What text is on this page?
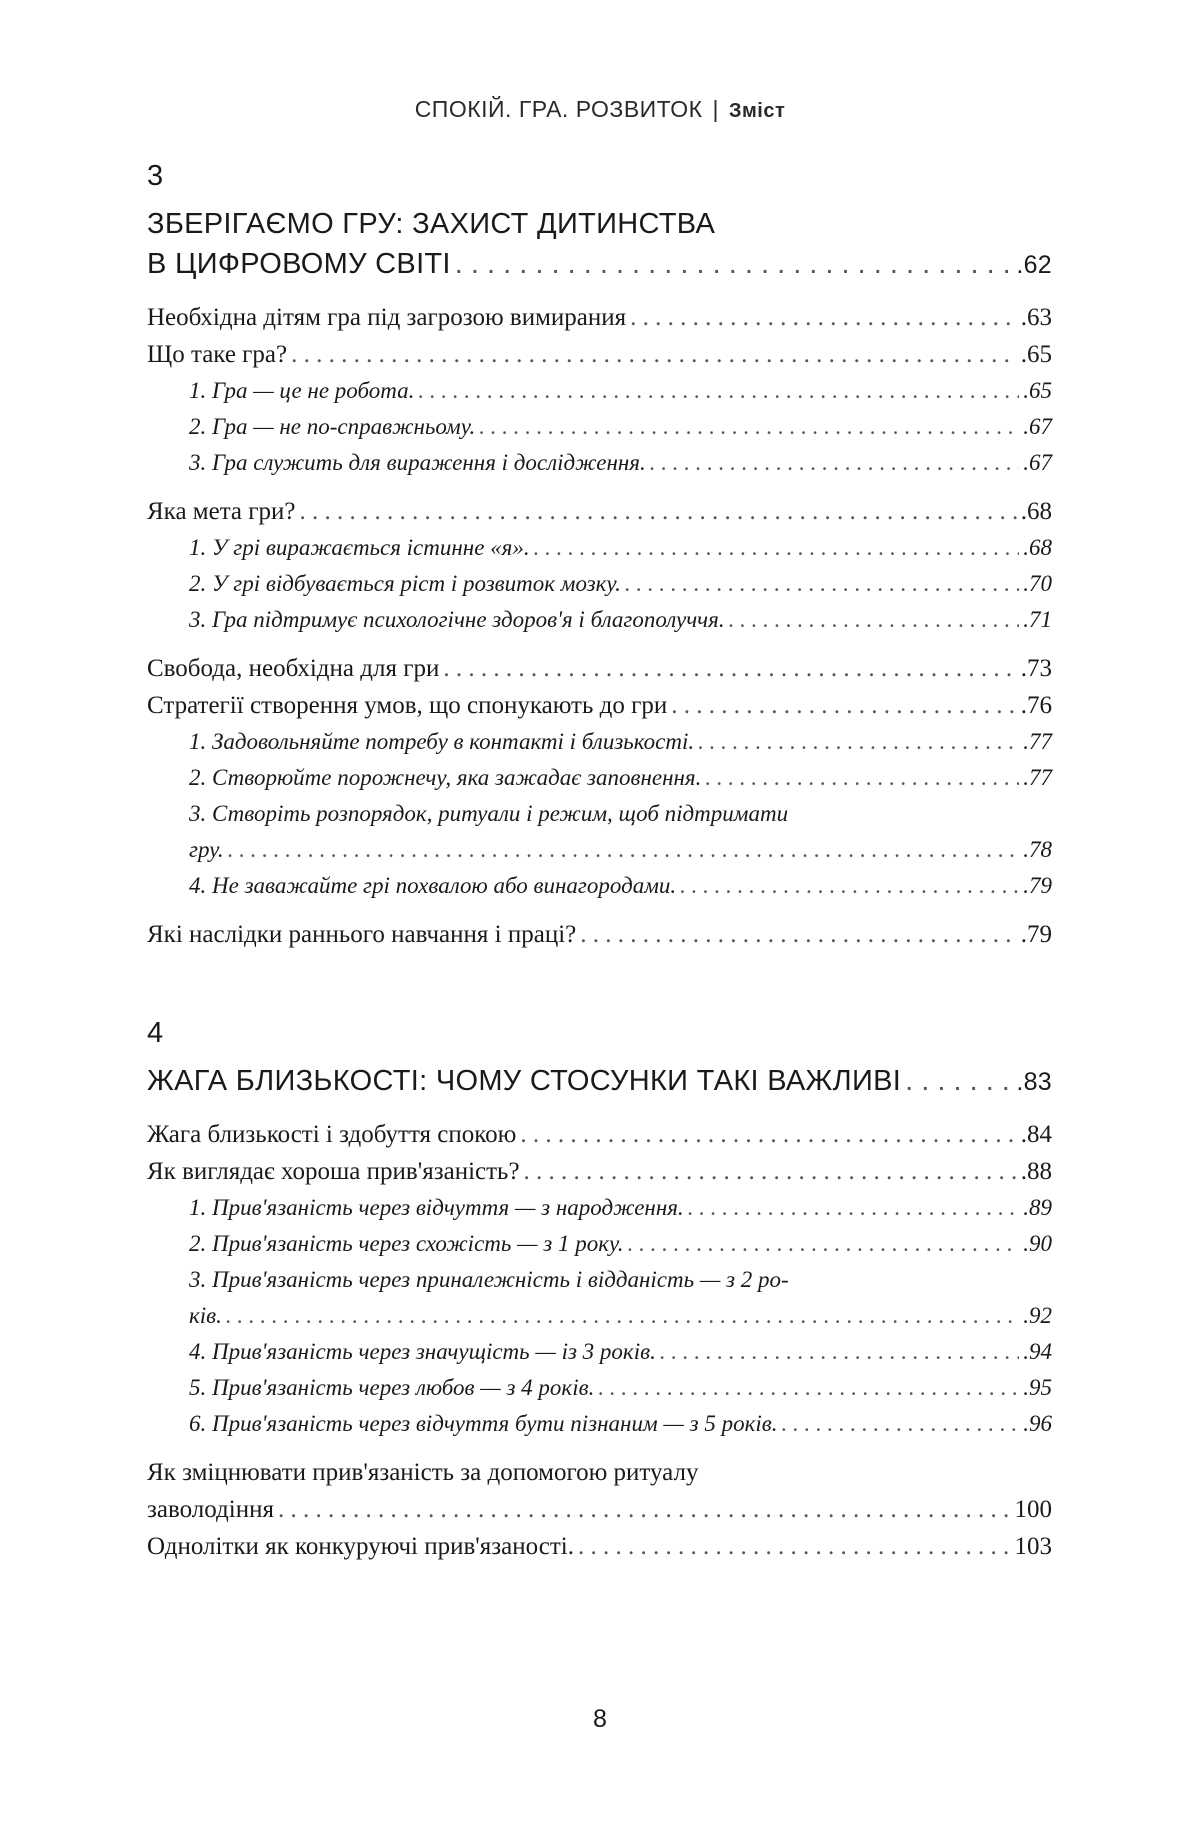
СПОКІЙ. ГРА. РОЗВИТОК | Зміст
3
ЗБЕРІГАЄМО ГРУ: ЗАХИСТ ДИТИНСТВА
В ЦИФРОВОМУ СВІТІ . . .	.62
Необхідна дітям гра під загрозою вимирания . . .	.63
Що таке гра? . . .	.65
1. Гра — це не робота. . . .	.65
2. Гра — не по-справжньому. . . .	.67
3. Гра служить для вираження і дослідження. . . .	.67
Яка мета гри? . . .	.68
1. У грі виражається істинне «я». . . .	.68
2. У грі відбувається ріст і розвиток мозку. . . .	.70
3. Гра підтримує психологічне здоров'я і благополуччя. . . .	.71
Свобода, необхідна для гри . . .	.73
Стратегії створення умов, що спонукають до гри . . .	.76
1. Задовольняйте потребу в контакті і близькості. . . .	.77
2. Створюйте порожнечу, яка зажадає заповнення. . . .	.77
3. Створіть розпорядок, ритуали і режим, щоб підтримати
гру. . . .	.78
4. Не заважайте грі похвалою або винагородами. . . .	.79
Які наслідки раннього навчання і праці? . . .	.79
4
ЖАГА БЛИЗЬКОСТІ: ЧОМУ СТОСУНКИ ТАКІ ВАЖЛИВІ . . .	.83
Жага близькості і здобуття спокою . . .	.84
Як виглядає хороша прив'язаність? . . .	.88
1. Прив'язаність через відчуття — з народження. . . .	.89
2. Прив'язаність через схожість — з 1 року. . . .	.90
3. Прив'язаність через приналежність і відданість — з 2 ро-
ків. . . .	.92
4. Прив'язаність через значущість — із 3 років. . . .	.94
5. Прив'язаність через любов — з 4 років. . . .	.95
6. Прив'язаність через відчуття бути пізнаним — з 5 років. . . .	.96
Як зміцнювати прив'язаність за допомогою ритуалу
заволодіння . . .	100
Однолітки як конкуруючі прив'язаності. . . .	103
8
